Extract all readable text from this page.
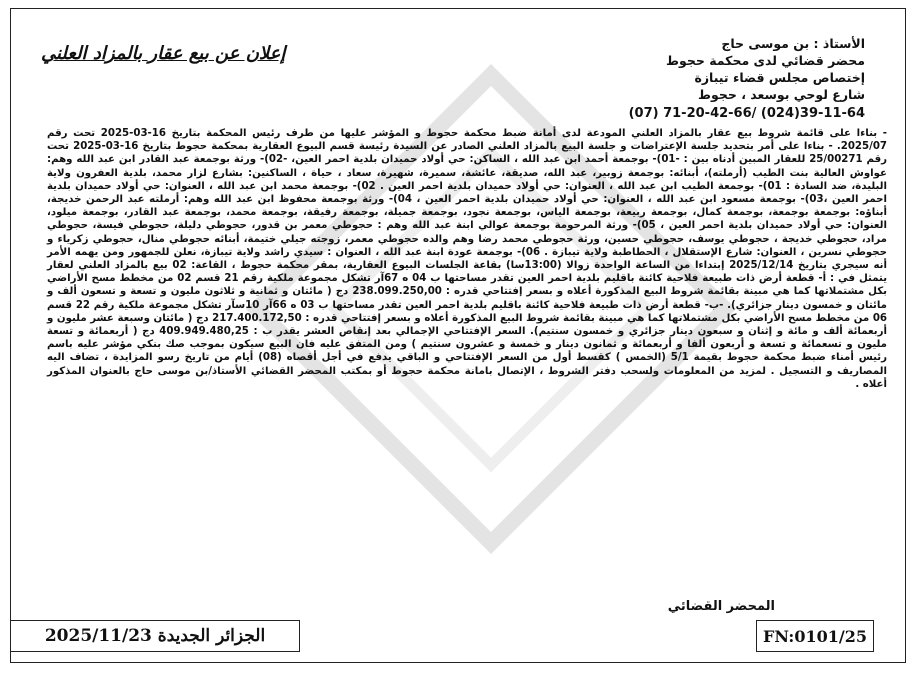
إعلان عن بيع عقار بالمزاد العلني	الأستاذ : بن موسى حاج
محضر قضائي لدى محكمة حجوط
إختصاص مجلس قضاء تيبازة
شارع لوحي بوسعد ، حجوط
(07) 71-20-42-66/ (024)39-11-64
- بناءا على قائمة شروط بيع عقار بالمزاد العلني المودعة لدى أمانة ضبط محكمة حجوط و المؤشر عليها من طرف رئيس المحكمة بتاريخ 16-03-2025 تحت رقم 2025/07. - بناءا على أمر بتحديد جلسة الإعتراضات و جلسة البيع بالمزاد العلني الصادر عن السيدة رئيسة قسم البيوع العقارية بمحكمة حجوط بتاريخ 16-03-2025 تحت رقم 25/00271 للعقار المبين أدناه بين : -01)- بوجمعة أحمد ابن عبد الله ، الساكن: حي أولاد حميدان بلدية احمر العين، -02)- ورثة بوجمعة عبد القادر ابن عبد الله وهم: عواوش العالية بنت الطيب (أرملته)، أبنائه: بوجمعة زوبير، عبد الله، صديقة، عائشة، سميرة، شهيرة، سعاد ، حياة ، الساكنين: بشارع لزار محمد، بلدية العفرون ولاية البليدة، ضد السادة : 01)- بوجمعة الطيب ابن عبد الله ، العنوان: حي أولاد حميدان بلدية احمر العين . 02)- بوجمعة محمد ابن عبد الله ، العنوان: حي أولاد حميدان بلدية احمر العين ،03)- بوجمعة مسعود ابن عبد الله ، العنوان: حي أولاد حميدان بلدية احمر العين ، 04)- ورثة بوجمعة محفوظ ابن عبد الله وهم: أرملته عبد الرحمن خديجة، أبناؤه: بوجمعة بوجمعة، بوجمعة كمال، بوجمعة ربيعة، بوجمعة الياس، بوجمعة نجود، بوجمعة جميلة، بوجمعة رفيقة، بوجمعة محمد، بوجمعة عبد القادر، بوجمعة ميلود، العنوان: حي أولاد حميدان بلدية احمر العين ، 05)- ورثة المرحومة بوجمعة عوالي ابنة عبد الله وهم : حجوطي معمر بن قدور، حجوطي دليلة، حجوطي فيسة، حجوطي مراد، حجوطي خديجة ، حجوطي يوسف، حجوطي حسين، ورثة حجوطي محمد رضا وهم والده حجوطي معمر، زوجته جيلي ختيمة، أبنائه حجوطي منال، حجوطي زكرياء و حجوطي نسرين ، العنوان: شارع الإستقلال ، الحطاطبة ولاية تيبازة . 06)- بوجمعة عودة ابنة عبد الله ، العنوان : سيدي راشد ولاية تيبازة، نعلن للجمهور ومن يهمه الأمر أنه سيجري بتاريخ 2025/12/14 إبتداءا من الساعة الواحدة زوالا (13:00سا) بقاعة الجلسات البيوع العقارية، بمقر محكمة حجوط ، القاعة: 02 بيع بالمزاد العلني لعقار يتمثل في : أ- قطعة أرض ذات طبيعة فلاحية كائنة باقليم بلدية احمر العين تقدر مساحتها ب 04 ه 67آر تشكل مجموعة ملكية رقم 21 قسم 02 من مخطط مسح الأراضي بكل مشتملاتها كما هي مبينة بقائمة شروط البيع المذكورة أعلاه و بسعر إفتتاحي قدره : 238.099.250,00 دج ( مائتان و ثمانية و ثلاثون مليون و تسعة و تسعون ألف و مائتان و خمسون دينار جزائري). -ب- قطعة أرض ذات طبيعة فلاحية كائنة باقليم بلدية احمر العين تقدر مساحتها ب 03 ه 66آر 10سآر تشكل مجموعة ملكية رقم 22 قسم 06 من مخطط مسح الأراضي بكل مشتملاتها كما هي مبينة بقائمة شروط البيع المذكورة أعلاه و بسعر إفتتاحي قدره : 217.400.172,50 دج ( مائتان وسبعة عشر مليون و أربعمائة ألف و مائة و إثنان و سبعون دينار جزائري و خمسون سنتيم). السعر الإفتتاحي الإجمالي بعد إنقاص العشر يقدر ب : 409.949.480,25 دج ( أربعمائة و تسعة مليون و تسعمائة و تسعة و أربعون ألفا و أربعمائة و ثمانون دينار و خمسة و عشرون سنتيم ) ومن المتفق عليه فان البيع سيكون بموجب صك بنكي مؤشر عليه باسم رئيس أمناء ضبط محكمة حجوط بقيمة 5/1 (الخمس ) كقسط أول من السعر الإفتتاحي و الباقي يدفع في أجل أقصاه (08) أيام من تاريخ رسو المزايدة ، تضاف اليه المصاريف و التسجيل . لمزيد من المعلومات ولسحب دفتر الشروط ، الإتصال بامانة محكمة حجوط أو بمكتب المحضر القضائي الأستاذ/بن موسى حاج بالعنوان المذكور أعلاه .
المحضر القضائي
الجزائر الجديدة 2025/11/23	FN:0101/25
